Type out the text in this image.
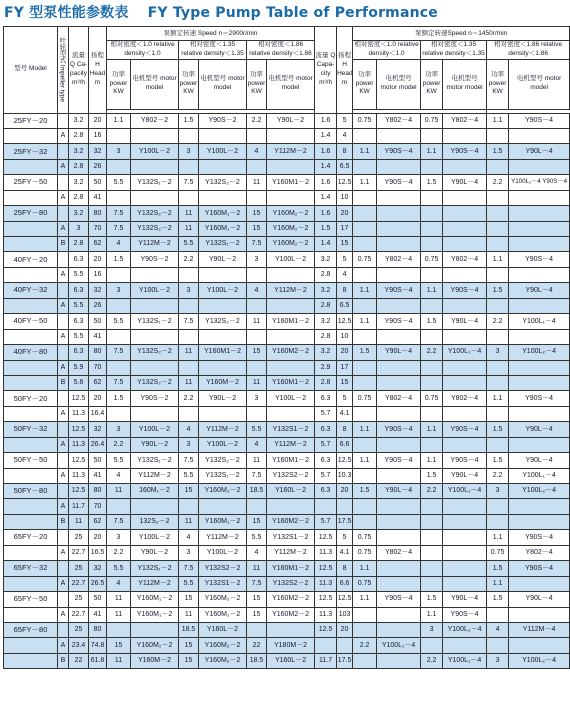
FY 型泵性能参数表 FY Type Pump Table of Performance
型号 Model	叶轮型式 Impeller type	流量 Q Ca- pacity m³/h	扬程 H Head m	泵额定转速 Speed n＝2900r/min						流量 Q Capa- city m³/h	扬程 H Head m	泵额定转速Speed n＝1450r/min					
				相对密度＜1.0 relative density＜1.0		相对密度＜1.35 relative density＜1.35		相对密度＜1.86 relative density＜1.86				相对密度＜1.0 relative density＜1.0		相对密度＜1.35 relative density＜1.35		相对密度＜1.86 relative density＜1.86	
				功率 power KW	电机型号 motor model	功率 power KW	电机型号 motor model	功率 power KW	电机型号 motor model			功率 power KW	电机型号 motor model	功率 power KW	电机型号 motor model	功率 power KW	电机型号 motor model

25FY－20		3.2	20	1.1	Y802－2	1.5	Y90S－2	2.2	Y90L－2	1.6	5	0.75	Y802－4	0.75	Y802－4	1.1	Y90S－4
	A	2.8	16							1.4	4						
25FY－32		3.2	32	3	Y100L－2	3	Y100L－2	4	Y112M－2	1.6	8	1.1	Y90S－4	1.1	Y90S－4	1.5	Y90L－4
	A	2.8	26							1.4	6.5						
25FY－50		3.2	50	5.5	Y132S₁－2	7.5	Y132S₂－2	11	Y160M1－2	1.6	12.5	1.1	Y90S－4	1.5	Y90L－4	2.2	Y100L₁－4 Y90S－4
	A	2.8	41							1.4	10						
25FY－80		3.2	80	7.5	Y132S₂－2	11	Y160M₁－2	15	Y160M₂－2	1.6	20						
	A	3	70	7.5	Y132S₂－2	11	Y160M₁－2	15	Y160M₂－2	1.5	17						
	B	2.8	62	4	Y112M－2	5.5	Y132S₁－2	7.5	Y160M₂－2	1.4	15						
40FY－20		6.3	20	1.5	Y90S－2	2.2	Y90L－2	3	Y100L－2	3.2	5	0.75	Y802－4	0.75	Y802－4	1.1	Y90S－4
	A	5.5	16							2.8	4						
40FY－32		6.3	32	3	Y100L－2	3	Y100L－2	4	Y112M－2	3.2	8	1.1	Y90S－4	1.1	Y90S－4	1.5	Y90L－4
	A	5.5	26							2.8	6.5						
40FY－50		6.3	50	5.5	Y132S₁－2	7.5	Y132S₂－2	11	Y160M1－2	3.2	12.5	1.1	Y90S－4	1.5	Y90L－4	2.2	Y100L₁－4
	A	5.5	41							2.8	10						
40FY－80		6.3	80	7.5	Y132S₂－2	11	Y160M1－2	15	Y160M2－2	3.2	20	1.5	Y90L－4	2.2	Y100L₁－4	3	Y100L₂－4
	A	5.9	70							2.9	17						
	B	5.6	62	7.5	Y132S₂－2	11	Y160M－2	11	Y160M1－2	2.8	15						
50FY－20		12.5	20	1.5	Y90S－2	2.2	Y90L－2	3	Y100L－2	6.3	5	0.75	Y802－4	0.75	Y802－4	1.1	Y90S－4
	A	11.3	16.4							5.7	4.1						
50FY－32		12.5	32	3	Y100L－2	4	Y112M－2	5.5	Y132S1－2	6.3	8	1.1	Y90S－4	1.1	Y90S－4	1.5	Y90L－4
	A	11.3	26.4	2.2	Y90L－2	3	Y100L－2	4	Y112M－2	5.7	6.6						
50FY－50		12.5	50	5.5	Y132S₁－2	7.5	Y132S₂－2	11	Y160M1－2	6.3	12.5	1.1	Y90S－4	1.1	Y90S－4	1.5	Y90L－4
	A	11.3	41	4	Y112M－2	5.5	Y132S₁－2	7.5	Y132S2－2	5.7	10.3			1.5	Y90L－4	2.2	Y100L₁－4
50FY－80		12.5	80	11	160M₁－2	15	Y160M₂－2	18.5	Y160L－2	6.3	20	1.5	Y90L－4	2.2	Y100L₁－4	3	Y100L₂－4
	A	11.7	70														
	B	11	62	7.5	132S₂－2	11	Y160M₁－2	15	Y160M2－2	5.7	17.5						
65FY－20		25	20	3	Y100L－2	4	Y112M－2	5.5	Y132S1－2	12.5	5	0.75				1.1	Y90S－4
	A	22.7	16.5	2.2	Y90L－2	3	Y100L－2	4	Y112M－2	11.3	4.1	0.75	Y802－4			0.75	Y802－4
65FY－32		25	32	5.5	Y132S₁－2	7.5	Y132S2－2	11	Y160M1－2	12.5	8	1.1				1.5	Y90S－4
	A	22.7	26.5	4	Y112M－2	5.5	Y132S1－2	7.5	Y132S2－2	11.3	6.6	0.75				1.1	
65FY－50		25	50	11	Y160M₁－2	15	Y160M₂－2	15	Y160M2－2	12.5	12.5	1.1	Y90S－4	1.5	Y90L－4	1.5	Y90L－4
	A	22.7	41	11	Y160M₁－2	11	Y160M₁－2	15	Y160M2－2	11.3	103			1.1	Y90S－4		
65FY－80		25	80			18.5	Y160L－2			12.5	20			3	Y100L₂－4	4	Y112M－4
	A	23.4	74.8	15	Y160M₂－2	15	Y160M₂－2	22	Y180M－2			2.2	Y100L₁－4				
	B	22	61.8	11	Y160M－2	15	Y160M₂－2	18.5	Y160L－2	11.7	17.5			2.2	Y100L₁－4	3	Y100L₂－4
